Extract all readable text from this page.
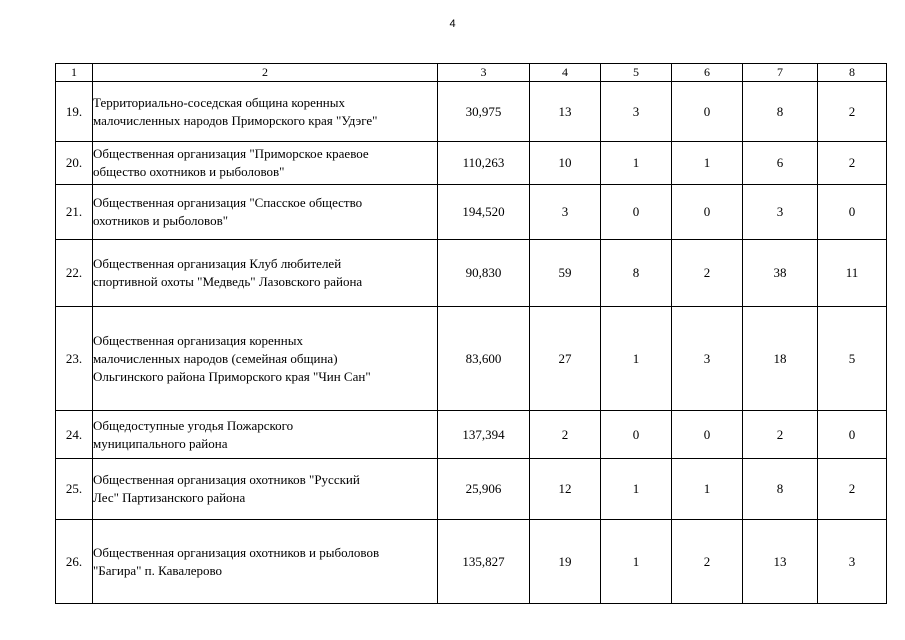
4
1	2	3	4	5	6	7	8
19.	Территориально-соседская община коренных
малочисленных народов Приморского края "Удэге"	30,975	13	3	0	8	2
20.	Общественная организация "Приморское краевое
общество охотников и рыболовов"	110,263	10	1	1	6	2
21.	Общественная организация "Спасское общество
охотников и рыболовов"	194,520	3	0	0	3	0
22.	Общественная организация Клуб любителей
спортивной охоты "Медведь" Лазовского района	90,830	59	8	2	38	11
23.	Общественная организация коренных
малочисленных народов (семейная община)
Ольгинского района Приморского края "Чин Сан"	83,600	27	1	3	18	5
24.	Общедоступные угодья Пожарского
муниципального района	137,394	2	0	0	2	0
25.	Общественная организация охотников "Русский
Лес" Партизанского района	25,906	12	1	1	8	2
26.	Общественная организация охотников и рыболовов
"Багира" п. Кавалерово	135,827	19	1	2	13	3
